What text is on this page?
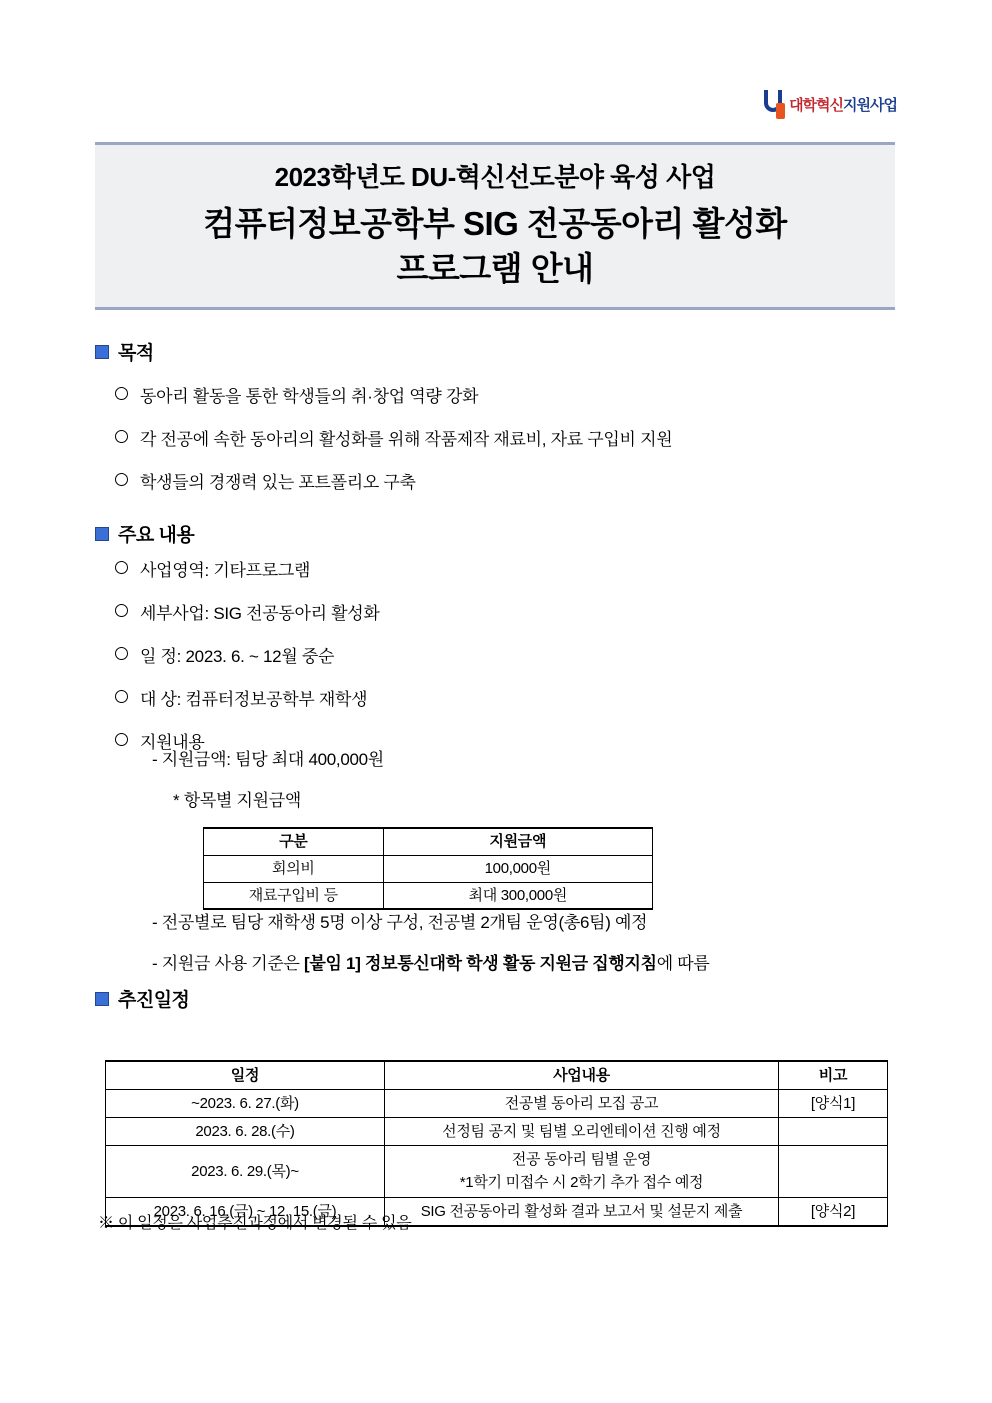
대학혁신지원사업
2023학년도 DU-혁신선도분야 육성 사업
컴퓨터정보공학부 SIG 전공동아리 활성화
프로그램 안내
목적
동아리 활동을 통한 학생들의 취·창업 역량 강화
각 전공에 속한 동아리의 활성화를 위해 작품제작 재료비, 자료 구입비 지원
학생들의 경쟁력 있는 포트폴리오 구축
주요 내용
사업영역: 기타프로그램
세부사업: SIG 전공동아리 활성화
일 정: 2023. 6. ~ 12월 중순
대 상: 컴퓨터정보공학부 재학생
지원내용
- 지원금액: 팀당 최대 400,000원
* 항목별 지원금액
구분	지원금액
회의비	100,000원
재료구입비 등	최대 300,000원
- 전공별로 팀당 재학생 5명 이상 구성, 전공별 2개팀 운영(총6팀) 예정
- 지원금 사용 기준은 [붙임 1] 정보통신대학 학생 활동 지원금 집행지침에 따름
추진일정
일정	사업내용	비고
~2023. 6. 27.(화)	전공별 동아리 모집 공고	[양식1]
2023. 6. 28.(수)	선정팀 공지 및 팀별 오리엔테이션 진행 예정	
2023. 6. 29.(목)~	전공 동아리 팀별 운영
*1학기 미접수 시 2학기 추가 접수 예정	

2023. 6. 16.(금) ~ 12. 15.(금)	SIG 전공동아리 활성화 결과 보고서 및 설문지 제출	[양식2]
※ 이 일정은 사업추진과정에서 변경될 수 있음
